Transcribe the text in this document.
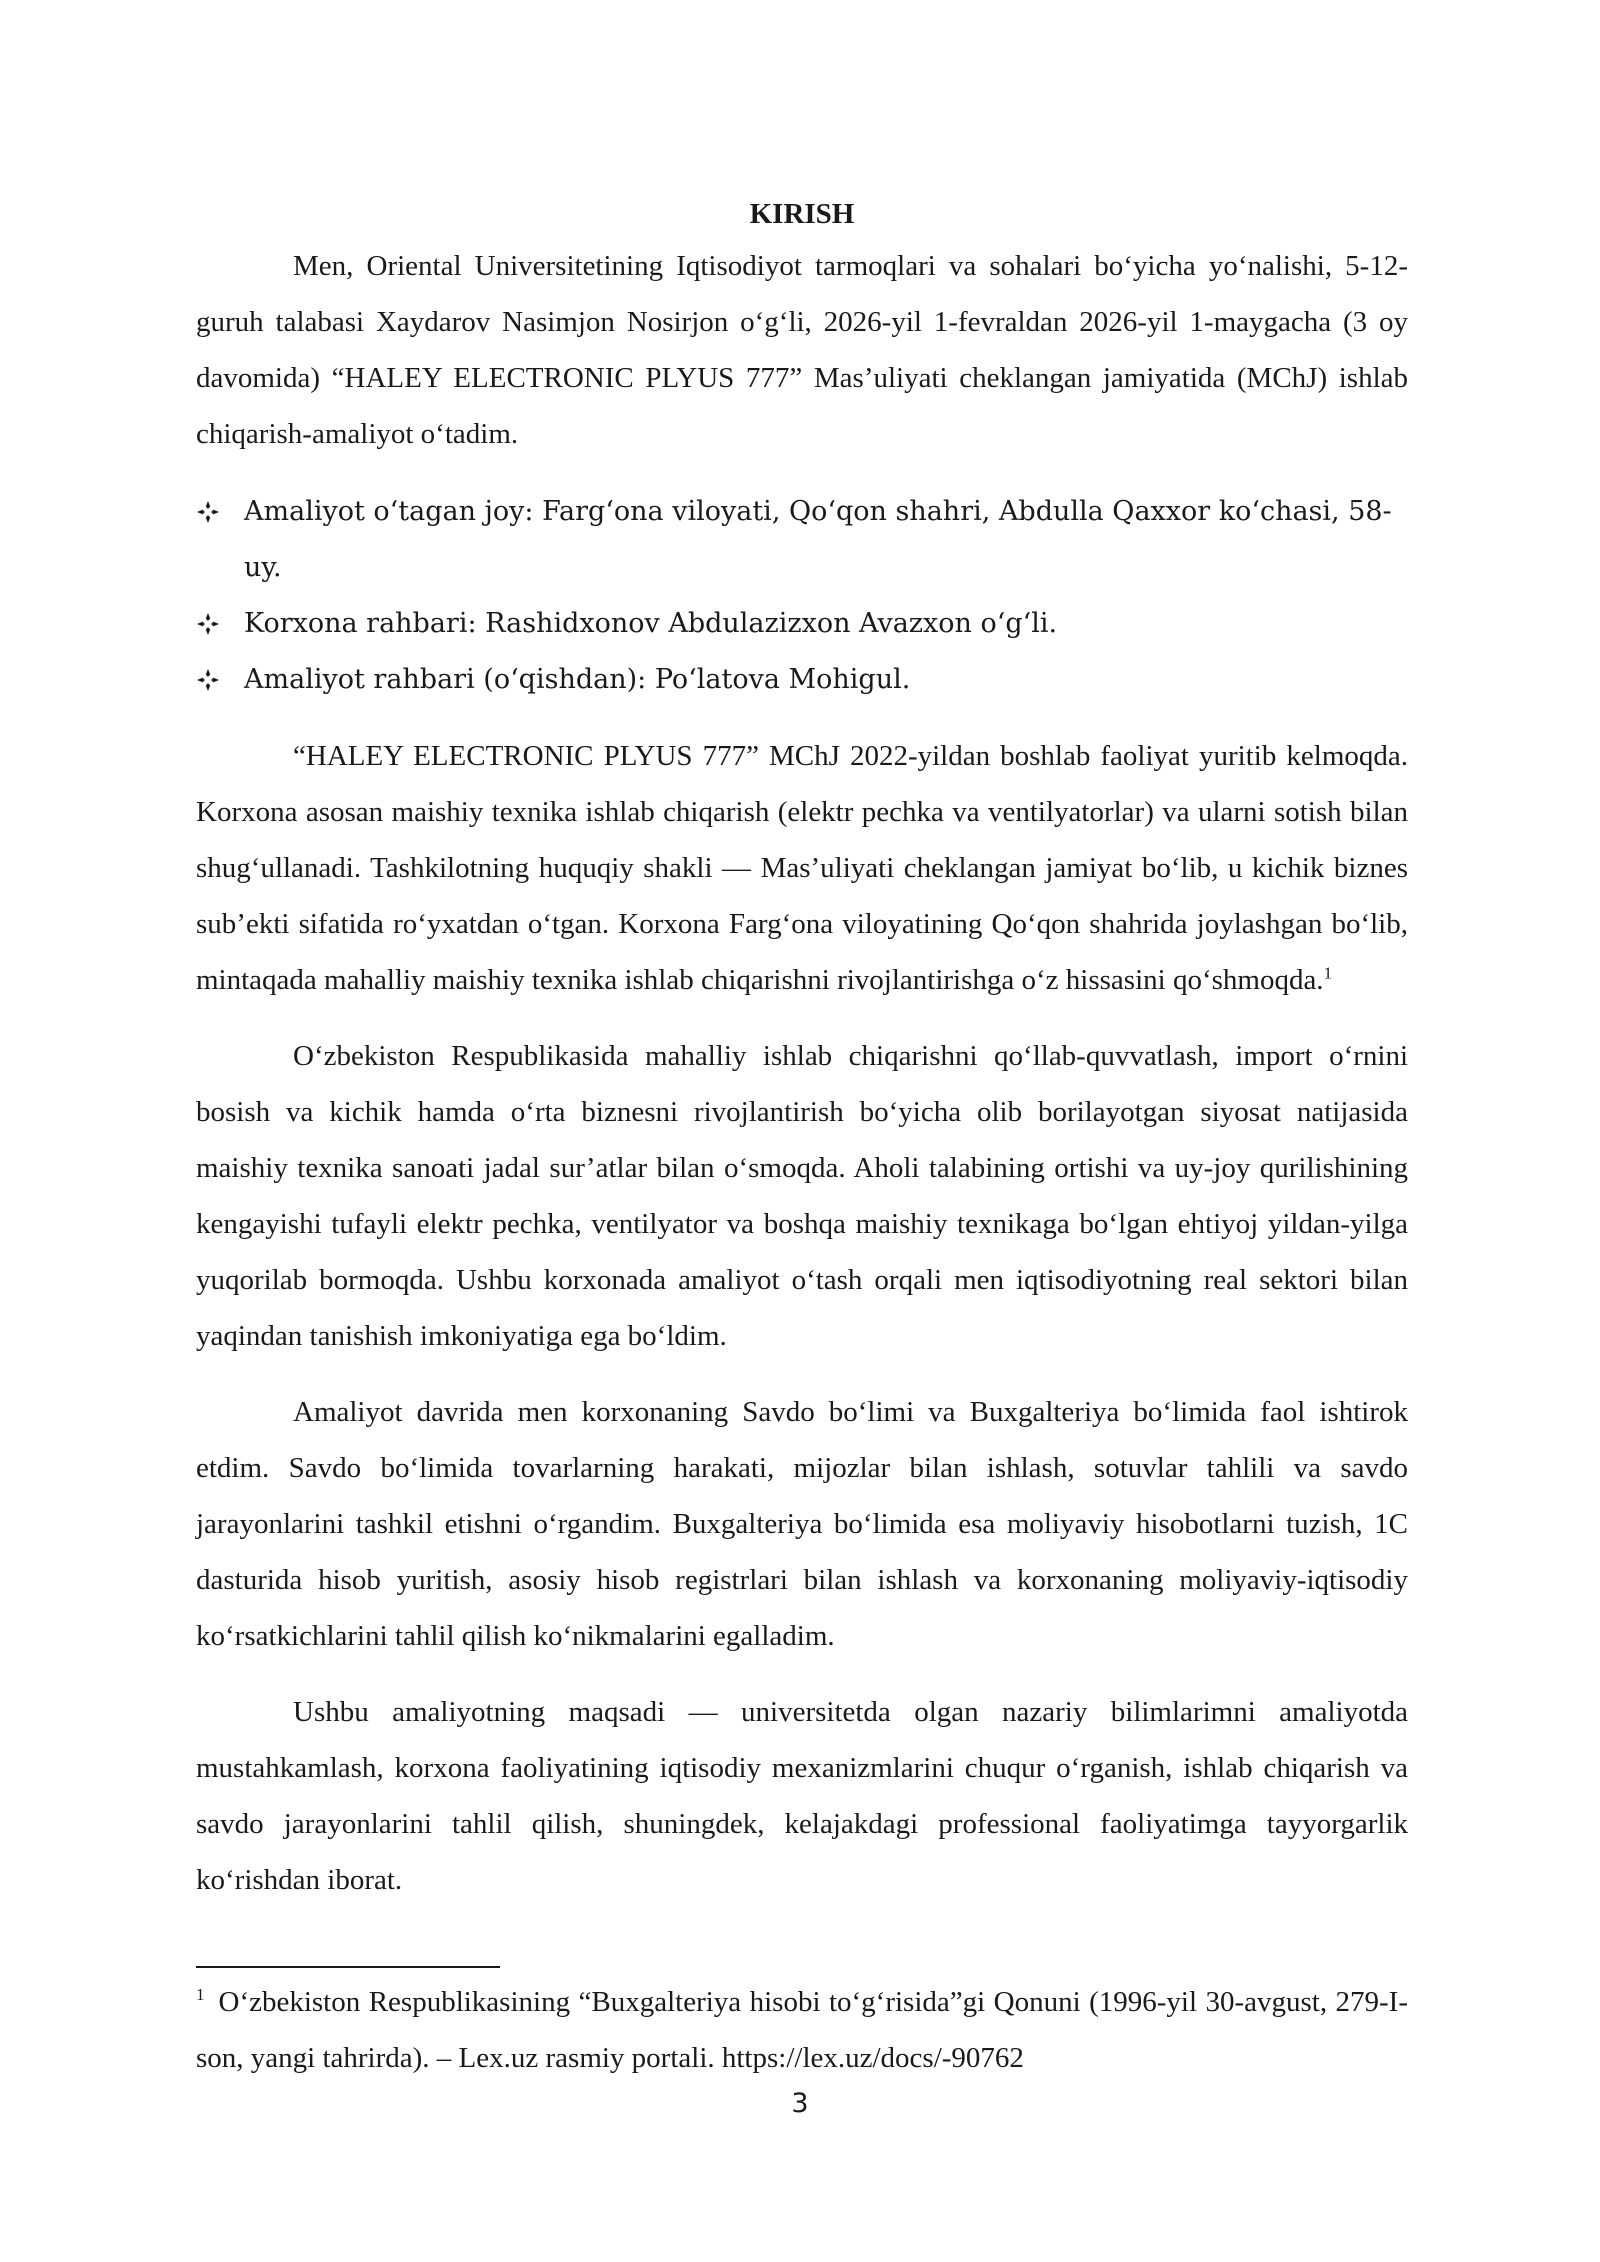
KIRISH

Men, Oriental Universitetining Iqtisodiyot tarmoqlari va sohalari bo‘yicha yo‘nalishi, 5-12-guruh talabasi Xaydarov Nasimjon Nosirjon o‘g‘li, 2026-yil 1-fevraldan 2026-yil 1-maygacha (3 oy davomida) “HALEY ELECTRONIC PLYUS 777” Mas’uliyati cheklangan jamiyatida (MChJ) ishlab chiqarish-amaliyot o‘tadim.

Amaliyot o‘tagan joy: Farg‘ona viloyati, Qo‘qon shahri, Abdulla Qaxxor ko‘chasi, 58-uy.
Korxona rahbari: Rashidxonov Abdulazizxon Avazxon o‘g‘li.
Amaliyot rahbari (o‘qishdan): Po‘latova Mohigul.

“HALEY ELECTRONIC PLYUS 777” MChJ 2022-yildan boshlab faoliyat yuritib kelmoqda. Korxona asosan maishiy texnika ishlab chiqarish (elektr pechka va ventilyatorlar) va ularni sotish bilan shug‘ullanadi. Tashkilotning huquqiy shakli — Mas’uliyati cheklangan jamiyat bo‘lib, u kichik biznes sub’ekti sifatida ro‘yxatdan o‘tgan. Korxona Farg‘ona viloyatining Qo‘qon shahrida joylashgan bo‘lib, mintaqada mahalliy maishiy texnika ishlab chiqarishni rivojlantirishga o‘z hissasini qo‘shmoqda.$^1$

O‘zbekiston Respublikasida mahalliy ishlab chiqarishni qo‘llab-quvvatlash, import o‘rnini bosish va kichik hamda o‘rta biznesni rivojlantirish bo‘yicha olib borilayotgan siyosat natijasida maishiy texnika sanoati jadal sur’atlar bilan o‘smoqda. Aholi talabining ortishi va uy-joy qurilishining kengayishi tufayli elektr pechka, ventilyator va boshqa maishiy texnikaga bo‘lgan ehtiyoj yildan-yilga yuqorilab bormoqda. Ushbu korxonada amaliyot o‘tash orqali men iqtisodiyotning real sektori bilan yaqindan tanishish imkoniyatiga ega bo‘ldim.

Amaliyot davrida men korxonaning Savdo bo‘limi va Buxgalteriya bo‘limida faol ishtirok etdim. Savdo bo‘limida tovarlarning harakati, mijozlar bilan ishlash, sotuvlar tahlili va savdo jarayonlarini tashkil etishni o‘rgandim. Buxgalteriya bo‘limida esa moliyaviy hisobotlarni tuzish, 1C dasturida hisob yuritish, asosiy hisob registrlari bilan ishlash va korxonaning moliyaviy-iqtisodiy ko‘rsatkichlarini tahlil qilish ko‘nikmalarini egalladim.

Ushbu amaliyotning maqsadi — universitetda olgan nazariy bilimlarimni amaliyotda mustahkamlash, korxona faoliyatining iqtisodiy mexanizmlarini chuqur o‘rganish, ishlab chiqarish va savdo jarayonlarini tahlil qilish, shuningdek, kelajakdagi professional faoliyatimga tayyorgarlik ko‘rishdan iborat.

$^1$ O‘zbekiston Respublikasining “Buxgalteriya hisobi to‘g‘risida”gi Qonuni (1996-yil 30-avgust, 279-I-son, yangi tahrirda). – Lex.uz rasmiy portali. https://lex.uz/docs/-90762

3
